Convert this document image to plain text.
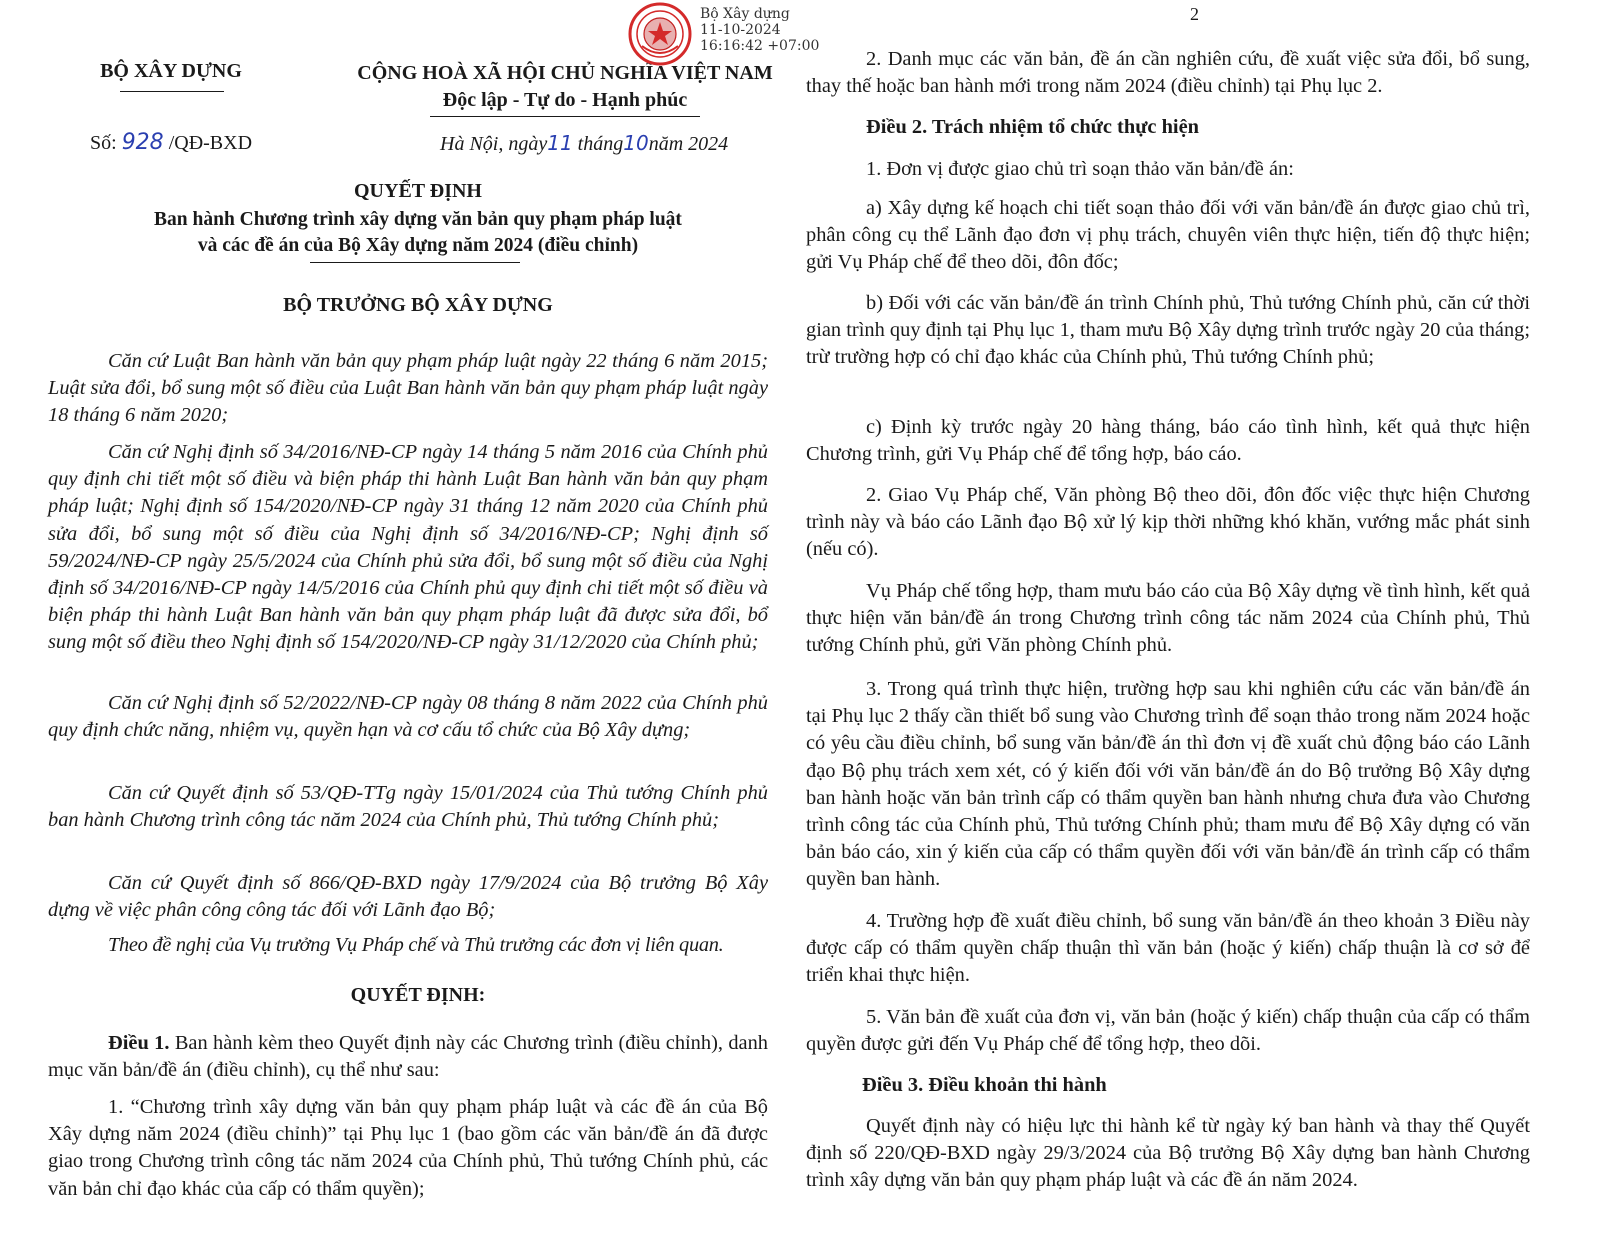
BỘ XÂY DỰNG	CỘNG HOÀ XÃ HỘI CHỦ NGHĨA VIỆT NAM
Độc lập - Tự do - Hạnh phúc
Số: 928 /QĐ-BXD	Hà Nội, ngày11 tháng10năm 2024
Bộ Xây dựng
11-10-2024
16:16:42 +07:00
2
QUYẾT ĐỊNH
Ban hành Chương trình xây dựng văn bản quy phạm pháp luật
và các đề án của Bộ Xây dựng năm 2024 (điều chỉnh)
BỘ TRƯỞNG BỘ XÂY DỰNG

Căn cứ Luật Ban hành văn bản quy phạm pháp luật ngày 22 tháng 6 năm 2015; Luật sửa đổi, bổ sung một số điều của Luật Ban hành văn bản quy phạm pháp luật ngày 18 tháng 6 năm 2020;

Căn cứ Nghị định số 34/2016/NĐ-CP ngày 14 tháng 5 năm 2016 của Chính phủ quy định chi tiết một số điều và biện pháp thi hành Luật Ban hành văn bản quy phạm pháp luật; Nghị định số 154/2020/NĐ-CP ngày 31 tháng 12 năm 2020 của Chính phủ sửa đổi, bổ sung một số điều của Nghị định số 34/2016/NĐ-CP; Nghị định số 59/2024/NĐ-CP ngày 25/5/2024 của Chính phủ sửa đổi, bổ sung một số điều của Nghị định số 34/2016/NĐ-CP ngày 14/5/2016 của Chính phủ quy định chi tiết một số điều và biện pháp thi hành Luật Ban hành văn bản quy phạm pháp luật đã được sửa đổi, bổ sung một số điều theo Nghị định số 154/2020/NĐ-CP ngày 31/12/2020 của Chính phủ;

Căn cứ Nghị định số 52/2022/NĐ-CP ngày 08 tháng 8 năm 2022 của Chính phủ quy định chức năng, nhiệm vụ, quyền hạn và cơ cấu tổ chức của Bộ Xây dựng;

Căn cứ Quyết định số 53/QĐ-TTg ngày 15/01/2024 của Thủ tướng Chính phủ ban hành Chương trình công tác năm 2024 của Chính phủ, Thủ tướng Chính phủ;

Căn cứ Quyết định số 866/QĐ-BXD ngày 17/9/2024 của Bộ trưởng Bộ Xây dựng về việc phân công công tác đối với Lãnh đạo Bộ;

Theo đề nghị của Vụ trưởng Vụ Pháp chế và Thủ trưởng các đơn vị liên quan.

QUYẾT ĐỊNH:

Điều 1. Ban hành kèm theo Quyết định này các Chương trình (điều chỉnh), danh mục văn bản/đề án (điều chỉnh), cụ thể như sau:

1. “Chương trình xây dựng văn bản quy phạm pháp luật và các đề án của Bộ Xây dựng năm 2024 (điều chỉnh)” tại Phụ lục 1 (bao gồm các văn bản/đề án đã được giao trong Chương trình công tác năm 2024 của Chính phủ, Thủ tướng Chính phủ, các văn bản chỉ đạo khác của cấp có thẩm quyền);

2. Danh mục các văn bản, đề án cần nghiên cứu, đề xuất việc sửa đổi, bổ sung, thay thế hoặc ban hành mới trong năm 2024 (điều chỉnh) tại Phụ lục 2.

Điều 2. Trách nhiệm tổ chức thực hiện

1. Đơn vị được giao chủ trì soạn thảo văn bản/đề án:

a) Xây dựng kế hoạch chi tiết soạn thảo đối với văn bản/đề án được giao chủ trì, phân công cụ thể Lãnh đạo đơn vị phụ trách, chuyên viên thực hiện, tiến độ thực hiện; gửi Vụ Pháp chế để theo dõi, đôn đốc;

b) Đối với các văn bản/đề án trình Chính phủ, Thủ tướng Chính phủ, căn cứ thời gian trình quy định tại Phụ lục 1, tham mưu Bộ Xây dựng trình trước ngày 20 của tháng; trừ trường hợp có chỉ đạo khác của Chính phủ, Thủ tướng Chính phủ;

c) Định kỳ trước ngày 20 hàng tháng, báo cáo tình hình, kết quả thực hiện Chương trình, gửi Vụ Pháp chế để tổng hợp, báo cáo.

2. Giao Vụ Pháp chế, Văn phòng Bộ theo dõi, đôn đốc việc thực hiện Chương trình này và báo cáo Lãnh đạo Bộ xử lý kịp thời những khó khăn, vướng mắc phát sinh (nếu có).

Vụ Pháp chế tổng hợp, tham mưu báo cáo của Bộ Xây dựng về tình hình, kết quả thực hiện văn bản/đề án trong Chương trình công tác năm 2024 của Chính phủ, Thủ tướng Chính phủ, gửi Văn phòng Chính phủ.

3. Trong quá trình thực hiện, trường hợp sau khi nghiên cứu các văn bản/đề án tại Phụ lục 2 thấy cần thiết bổ sung vào Chương trình để soạn thảo trong năm 2024 hoặc có yêu cầu điều chỉnh, bổ sung văn bản/đề án thì đơn vị đề xuất chủ động báo cáo Lãnh đạo Bộ phụ trách xem xét, có ý kiến đối với văn bản/đề án do Bộ trưởng Bộ Xây dựng ban hành hoặc văn bản trình cấp có thẩm quyền ban hành nhưng chưa đưa vào Chương trình công tác của Chính phủ, Thủ tướng Chính phủ; tham mưu để Bộ Xây dựng có văn bản báo cáo, xin ý kiến của cấp có thẩm quyền đối với văn bản/đề án trình cấp có thẩm quyền ban hành.

4. Trường hợp đề xuất điều chỉnh, bổ sung văn bản/đề án theo khoản 3 Điều này được cấp có thẩm quyền chấp thuận thì văn bản (hoặc ý kiến) chấp thuận là cơ sở để triển khai thực hiện.

5. Văn bản đề xuất của đơn vị, văn bản (hoặc ý kiến) chấp thuận của cấp có thẩm quyền được gửi đến Vụ Pháp chế để tổng hợp, theo dõi.

Điều 3. Điều khoản thi hành

Quyết định này có hiệu lực thi hành kể từ ngày ký ban hành và thay thế Quyết định số 220/QĐ-BXD ngày 29/3/2024 của Bộ trưởng Bộ Xây dựng ban hành Chương trình xây dựng văn bản quy phạm pháp luật và các đề án năm 2024.
